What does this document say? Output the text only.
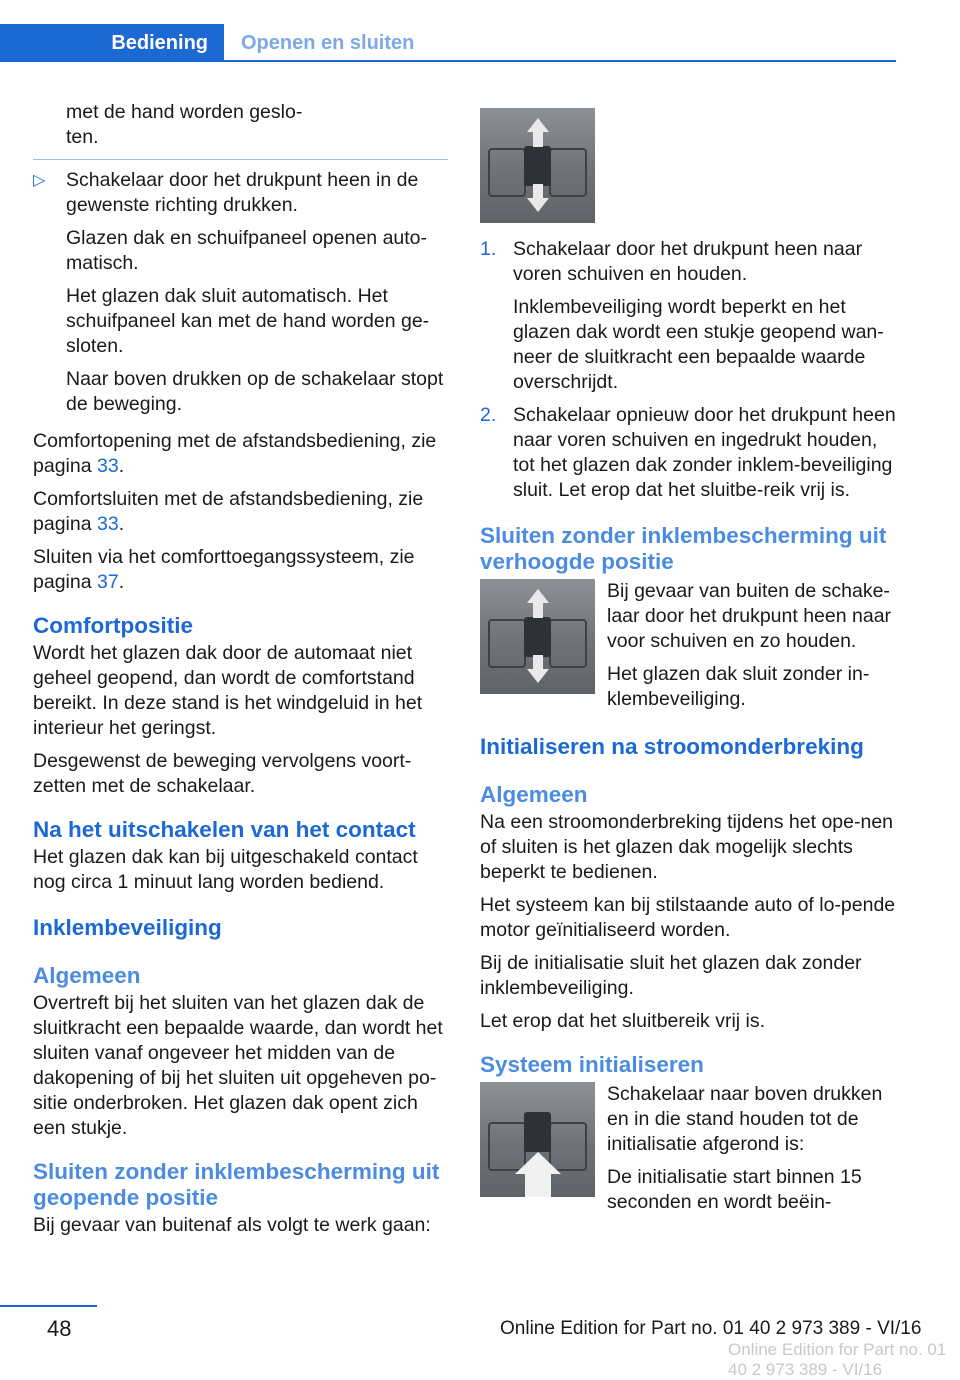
Bediening	Openen en sluiten

met de hand worden geslo-

ten.

▷ Schakelaar door het drukpunt heen in de gewenste richting drukken.

Glazen dak en schuifpaneel openen auto-matisch.

Het glazen dak sluit automatisch. Het schuifpaneel kan met de hand worden ge-sloten.

Naar boven drukken op de schakelaar stopt de beweging.

Comfortopening met de afstandsbediening, zie pagina 33.

Comfortsluiten met de afstandsbediening, zie pagina 33.

Sluiten via het comforttoegangssysteem, zie pagina 37.

Comfortpositie

Wordt het glazen dak door de automaat niet geheel geopend, dan wordt de comfortstand bereikt. In deze stand is het windgeluid in het interieur het geringst.

Desgewenst de beweging vervolgens voort-zetten met de schakelaar.

Na het uitschakelen van het contact

Het glazen dak kan bij uitgeschakeld contact nog circa 1 minuut lang worden bediend.

Inklembeveiliging
Algemeen

Overtreft bij het sluiten van het glazen dak de sluitkracht een bepaalde waarde, dan wordt het sluiten vanaf ongeveer het midden van de dakopening of bij het sluiten uit opgeheven po-sitie onderbroken. Het glazen dak opent zich een stukje.

Sluiten zonder inklembescherming uit geopende positie

Bij gevaar van buitenaf als volgt te werk gaan:

1. Schakelaar door het drukpunt heen naar voren schuiven en houden.

Inklembeveiliging wordt beperkt en het glazen dak wordt een stukje geopend wan-neer de sluitkracht een bepaalde waarde overschrijdt.

2. Schakelaar opnieuw door het drukpunt heen naar voren schuiven en ingedrukt houden, tot het glazen dak zonder inklem-beveiliging sluit. Let erop dat het sluitbe-reik vrij is.

Sluiten zonder inklembescherming uit verhoogde positie

Bij gevaar van buiten de schake-laar door het drukpunt heen naar voor schuiven en zo houden.

Het glazen dak sluit zonder in-klembeveiliging.

Initialiseren na stroomonderbreking
Algemeen

Na een stroomonderbreking tijdens het ope-nen of sluiten is het glazen dak mogelijk slechts beperkt te bedienen.

Het systeem kan bij stilstaande auto of lo-pende motor geïnitialiseerd worden.

Bij de initialisatie sluit het glazen dak zonder inklembeveiliging.

Let erop dat het sluitbereik vrij is.

Systeem initialiseren

Schakelaar naar boven drukken en in die stand houden tot de initialisatie afgerond is:

De initialisatie start binnen 15 seconden en wordt beëin-

48	Online Edition for Part no. 01 40 2 973 389 - VI/16
Online Edition for Part no. 01 40 2 973 389 - VI/16
